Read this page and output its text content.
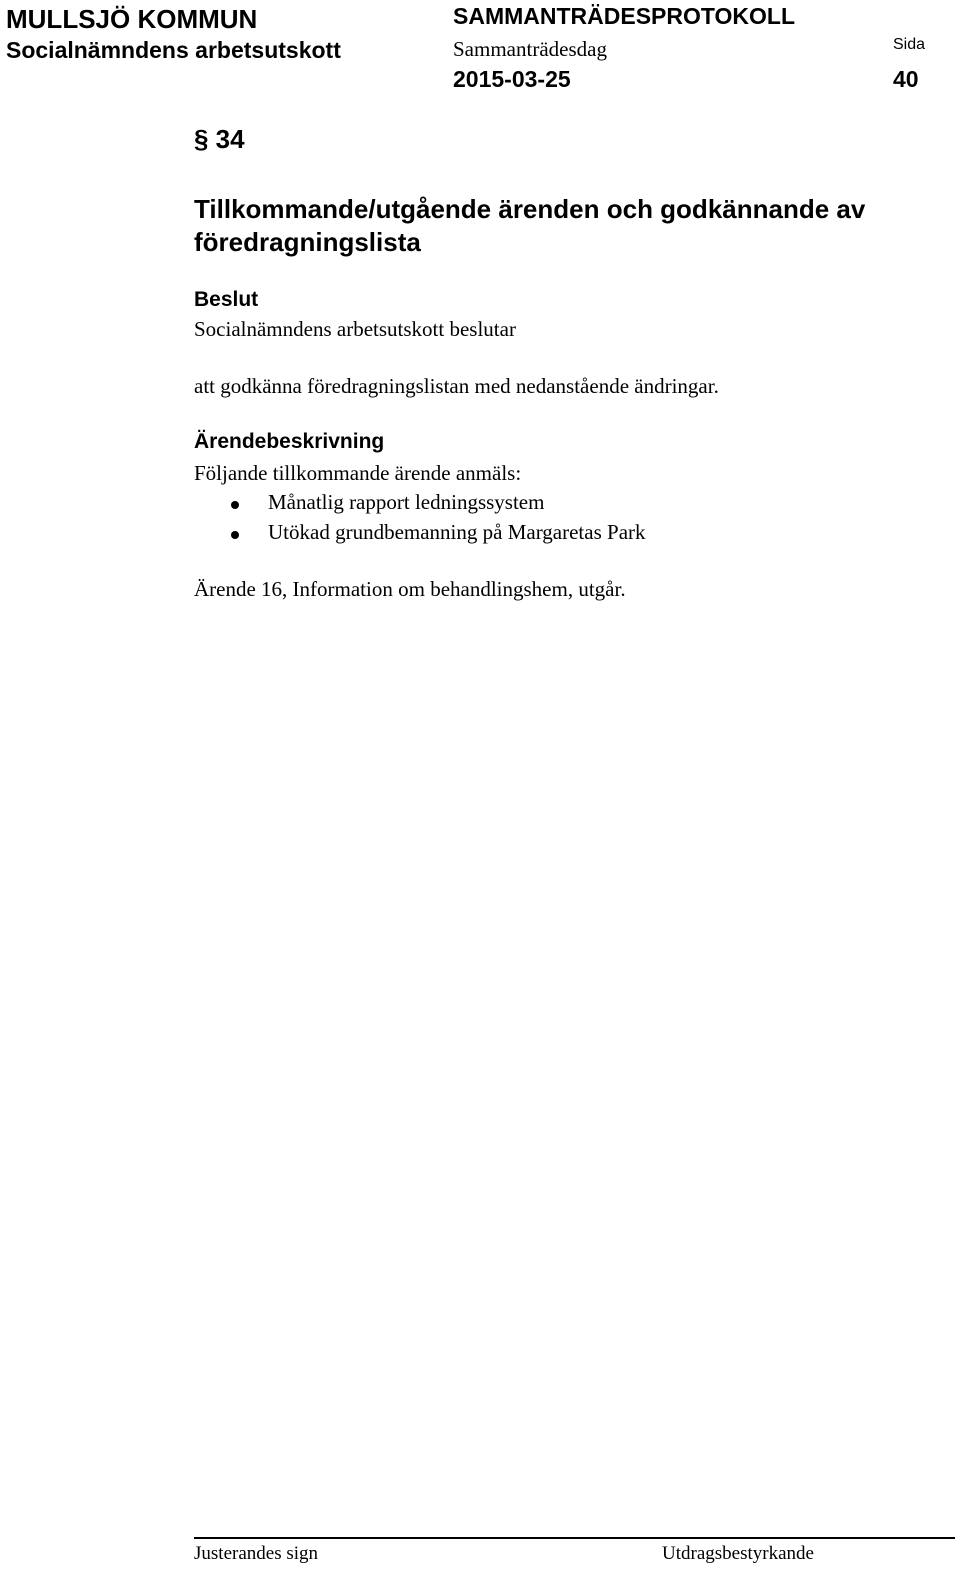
MULLSJÖ KOMMUN
Socialnämndens arbetsutskott
SAMMANTRÄDESPROTOKOLL
Sammanträdesdag
2015-03-25
Sida
40
§ 34
Tillkommande/utgående ärenden och godkännande av föredragningslista
Beslut
Socialnämndens arbetsutskott beslutar
att godkänna föredragningslistan med nedanstående ändringar.
Ärendebeskrivning
Följande tillkommande ärende anmäls:
Månatlig rapport ledningssystem
Utökad grundbemanning på Margaretas Park
Ärende 16, Information om behandlingshem, utgår.
Justerandes sign	Utdragsbestyrkande
